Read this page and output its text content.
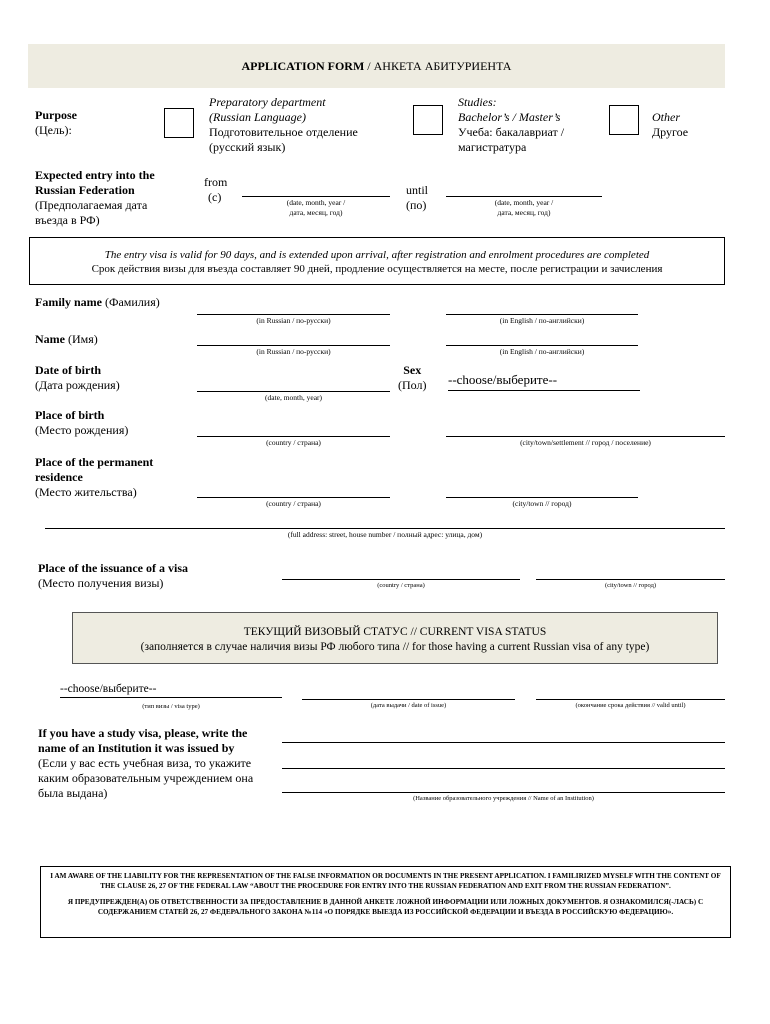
APPLICATION FORM / АНКЕТА АБИТУРИЕНТА
Purpose
(Цель):
Preparatory department
(Russian Language)
Подготовительное отделение
(русский язык)
Studies:
Bachelor’s / Master’s
Учеба: бакалавриат /
магистратура
Other
Другое
Expected entry into the
Russian Federation
(Предполагаемая дата
въезда в РФ)
from
(с)	(date, month, year /
дата, месяц, год)
until
(по)	(date, month, year /
дата, месяц, год)
The entry visa is valid for 90 days, and is extended upon arrival, after registration and enrolment procedures are completed
Срок действия визы для въезда составляет 90 дней, продление осуществляется на месте, после регистрации и зачисления
Family name (Фамилия)
(in Russian / по-русски)	(in English / по-английски)
Name (Имя)
(in Russian / по-русски)	(in English / по-английски)
Date of birth
(Дата рождения)
(date, month, year)
Sex
(Пол) --choose/выберите--
Place of birth
(Место рождения)
(country / страна)	(city/town/settlement // город / поселение)
Place of the permanent
residence
(Место жительства)
(country / страна)	(city/town // город)
(full address: street, house number / полный адрес: улица, дом)
Place of the issuance of a visa
(Место получения визы)	(country / страна)	(city/town // город)
ТЕКУЩИЙ ВИЗОВЫЙ СТАТУС // CURRENT VISA STATUS
(заполняется в случае наличия визы РФ любого типа // for those having a current Russian visa of any type)
--choose/выберите--
(тип визы / visa type)	(дата выдачи / date of issue)	(окончание срока действия // valid until)
If you have a study visa, please, write the
name of an Institution it was issued by
(Если у вас есть учебная виза, то укажите
каким образовательным учреждением она
была выдана)	(Название образовательного учреждения // Name of an Institution)

I AM AWARE OF THE LIABILITY FOR THE REPRESENTATION OF THE FALSE INFORMATION OR DOCUMENTS IN THE PRESENT APPLICATION. I FAMILIRIZED MYSELF WITH THE CONTENT OF THE CLAUSE 26, 27 OF THE FEDERAL LAW “ABOUT THE PROCEDURE FOR ENTRY INTO THE RUSSIAN FEDERATION AND EXIT FROM THE RUSSIAN FEDERATION”.

Я ПРЕДУПРЕЖДЕН(А) ОБ ОТВЕТСТВЕННОСТИ ЗА ПРЕДОСТАВЛЕНИЕ В ДАННОЙ АНКЕТЕ ЛОЖНОЙ ИНФОРМАЦИИ ИЛИ ЛОЖНЫХ ДОКУМЕНТОВ. Я ОЗНАКОМИЛСЯ(-ЛАСЬ) С СОДЕРЖАНИЕМ СТАТЕЙ 26, 27 ФЕДЕРАЛЬНОГО ЗАКОНА №114 «О ПОРЯДКЕ ВЫЕЗДА ИЗ РОССИЙСКОЙ ФЕДЕРАЦИИ И ВЪЕЗДА В РОССИЙСКУЮ ФЕДЕРАЦИЮ».
